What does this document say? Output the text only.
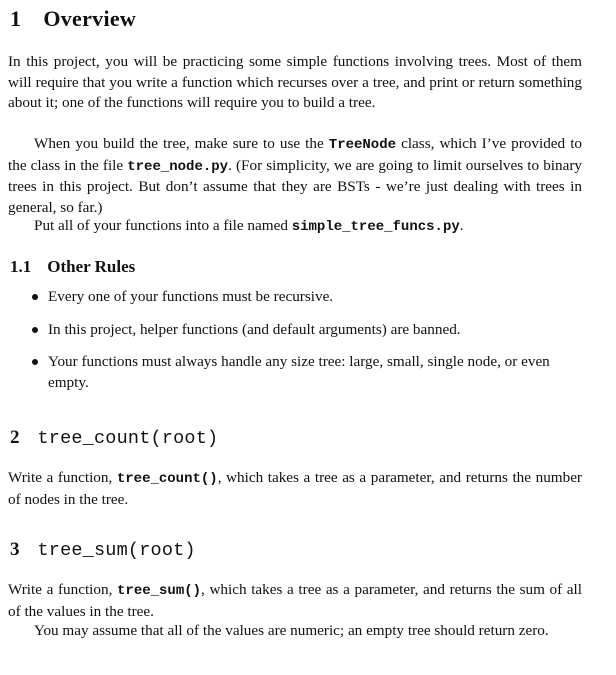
1 Overview

In this project, you will be practicing some simple functions involving trees. Most of them will require that you write a function which recurses over a tree, and print or return something about it; one of the functions will require you to build a tree.

When you build the tree, make sure to use the TreeNode class, which I’ve provided to the class in the file tree_node.py. (For simplicity, we are going to limit ourselves to binary trees in this project. But don’t assume that they are BSTs - we’re just dealing with trees in general, so far.)

Put all of your functions into a file named simple_tree_funcs.py.

1.1 Other Rules
Every one of your functions must be recursive.
In this project, helper functions (and default arguments) are banned.
Your functions must always handle any size tree: large, small, single node, or even empty.
2 tree_count(root)

Write a function, tree_count(), which takes a tree as a parameter, and returns the number of nodes in the tree.

3 tree_sum(root)

Write a function, tree_sum(), which takes a tree as a parameter, and returns the sum of all of the values in the tree.

You may assume that all of the values are numeric; an empty tree should return zero.
